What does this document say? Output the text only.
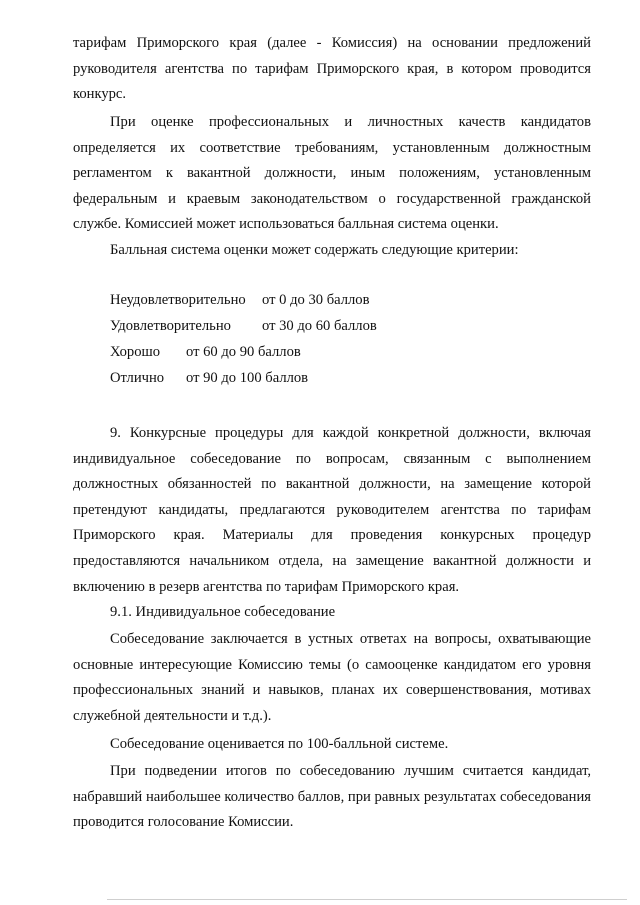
тарифам Приморского края (далее - Комиссия) на основании предложений руководителя агентства по тарифам Приморского края, в котором проводится конкурс.

При оценке профессиональных и личностных качеств кандидатов определяется их соответствие требованиям, установленным должностным регламентом к вакантной должности, иным положениям, установленным федеральным и краевым законодательством о государственной гражданской службе. Комиссией может использоваться балльная система оценки.

Балльная система оценки может содержать следующие критерии:

Неудовлетворительно от 0 до 30 баллов
Удовлетворительно от 30 до 60 баллов
Хорошо от 60 до 90 баллов
Отлично от 90 до 100 баллов

9. Конкурсные процедуры для каждой конкретной должности, включая индивидуальное собеседование по вопросам, связанным с выполнением должностных обязанностей по вакантной должности, на замещение которой претендуют кандидаты, предлагаются руководителем агентства по тарифам Приморского края. Материалы для проведения конкурсных процедур предоставляются начальником отдела, на замещение вакантной должности и включению в резерв агентства по тарифам Приморского края.

9.1. Индивидуальное собеседование

Собеседование заключается в устных ответах на вопросы, охватывающие основные интересующие Комиссию темы (о самооценке кандидатом его уровня профессиональных знаний и навыков, планах их совершенствования, мотивах служебной деятельности и т.д.).

Собеседование оценивается по 100-балльной системе.

При подведении итогов по собеседованию лучшим считается кандидат, набравший наибольшее количество баллов, при равных результатах собеседования проводится голосование Комиссии.
